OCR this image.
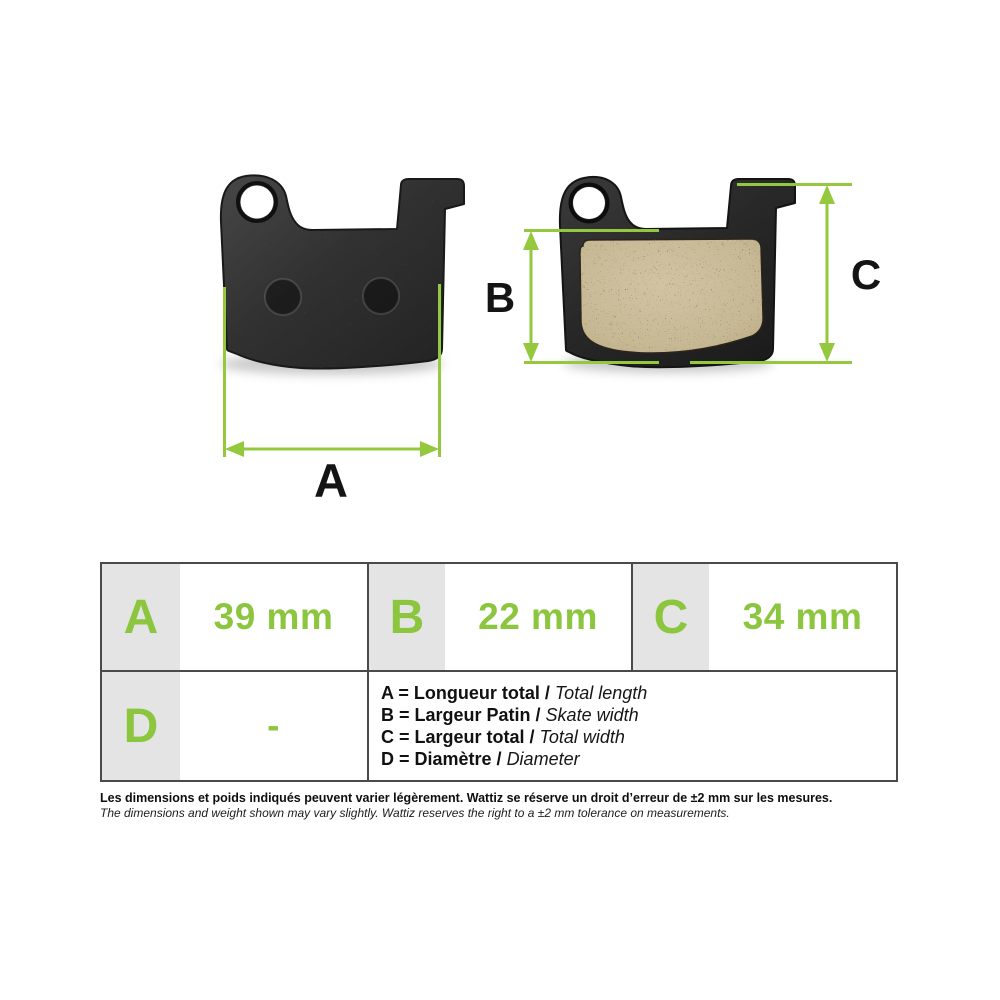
A
B	C
A	39 mm	B	22 mm	C	34 mm
D	-
A = Longueur total / Total length
B = Largeur Patin / Skate width
C = Largeur total / Total width
D = Diamètre / Diameter
Les dimensions et poids indiqués peuvent varier légèrement. Wattiz se réserve un droit d’erreur de ±2 mm sur les mesures.
The dimensions and weight shown may vary slightly. Wattiz reserves the right to a ±2 mm tolerance on measurements.
